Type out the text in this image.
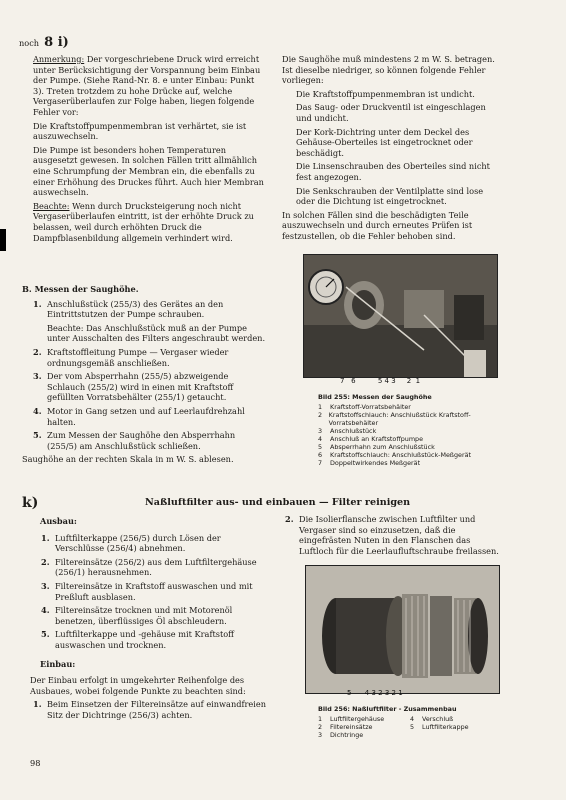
noch 8 i)

Anmerkung: Der vorgeschriebene Druck wird erreicht unter Berücksichtigung der Vorspannung beim Einbau der Pumpe. (Siehe Rand-Nr. 8. e unter Einbau: Punkt 3). Treten trotzdem zu hohe Drücke auf, welche Vergaserüberlaufen zur Folge haben, liegen folgende Fehler vor:

Die Kraftstoffpumpenmembran ist verhärtet, sie ist auszuwechseln.

Die Pumpe ist besonders hohen Temperaturen ausgesetzt gewesen. In solchen Fällen tritt allmählich eine Schrumpfung der Membran ein, die ebenfalls zu einer Erhöhung des Druckes führt. Auch hier Membran auswechseln.

Beachte: Wenn durch Drucksteigerung noch nicht Vergaserüberlaufen eintritt, ist der erhöhte Druck zu belassen, weil durch erhöhten Druck die Dampfblasenbildung allgemein verhindert wird.

B. Messen der Saughöhe.
1. Anschlußstück (255/3) des Gerätes an den Eintrittstutzen der Pumpe schrauben.
Beachte: Das Anschlußstück muß an der Pumpe unter Ausschalten des Filters angeschraubt werden.
2. Kraftstoffleitung Pumpe — Vergaser wieder ordnungsgemäß anschließen.
3. Der vom Absperrhahn (255/5) abzweigende Schlauch (255/2) wird in einen mit Kraftstoff gefüllten Vorratsbehälter (255/1) getaucht.
4. Motor in Gang setzen und auf Leerlaufdrehzahl halten.
5. Zum Messen der Saughöhe den Absperrhahn (255/5) am Anschlußstück schließen.
Saughöhe an der rechten Skala in m W. S. ablesen.

Die Saughöhe muß mindestens 2 m W. S. betragen. Ist dieselbe niedriger, so können folgende Fehler vorliegen:

Die Kraftstoffpumpenmembran ist undicht.

Das Saug- oder Druckventil ist eingeschlagen und undicht.

Der Kork-Dichtring unter dem Deckel des Gehäuse-Oberteiles ist eingetrocknet oder beschädigt.

Die Linsenschrauben des Oberteiles sind nicht fest angezogen.

Die Senkschrauben der Ventilplatte sind lose oder die Dichtung ist eingetrocknet.

In solchen Fällen sind die beschädigten Teile auszuwechseln und durch erneutes Prüfen ist festzustellen, ob die Fehler behoben sind.

7   6          5 4 3     2  1
Bild 255: Messen der Saughöhe
1	Kraftstoff-Vorratsbehälter
2	Kraftstoffschlauch: Anschlußstück Kraftstoff-Vorratsbehälter
3	Anschlußstück
4	Anschluß an Kraftstoffpumpe
5	Absperrhahn zum Anschlußstück
6	Kraftstoffschlauch: Anschlußstück-Meßgerät
7	Doppeltwirkendes Meßgerät
k)	Naßluftfilter aus- und einbauen — Filter reinigen
Ausbau:
1. Luftfilterkappe (256/5) durch Lösen der Verschlüsse (256/4) abnehmen.
2. Filtereinsätze (256/2) aus dem Luftfiltergehäuse (256/1) herausnehmen.
3. Filtereinsätze in Kraftstoff auswaschen und mit Preßluft ausblasen.
4. Filtereinsätze trocknen und mit Motorenöl benetzen, überflüssiges Öl abschleudern.
5. Luftfilterkappe und -gehäuse mit Kraftstoff auswaschen und trocknen.
Einbau:

Der Einbau erfolgt in umgekehrter Reihenfolge des Ausbaues, wobei folgende Punkte zu beachten sind:

1. Beim Einsetzen der Filtereinsätze auf einwandfreien Sitz der Dichtringe (256/3) achten.
2. Die Isolierflansche zwischen Luftfilter und Vergaser sind so einzusetzen, daß die eingefrästen Nuten in den Flanschen das Luftloch für die Leerlaufluftschraube freilassen.
5      4 3 2 3 2 1
Bild 256: Naßluftfilter - Zusammenbau
1	Luftfiltergehäuse	4	Verschluß
2	Filtereinsätze	5	Luftfilterkappe
3	Dichtringe
98
